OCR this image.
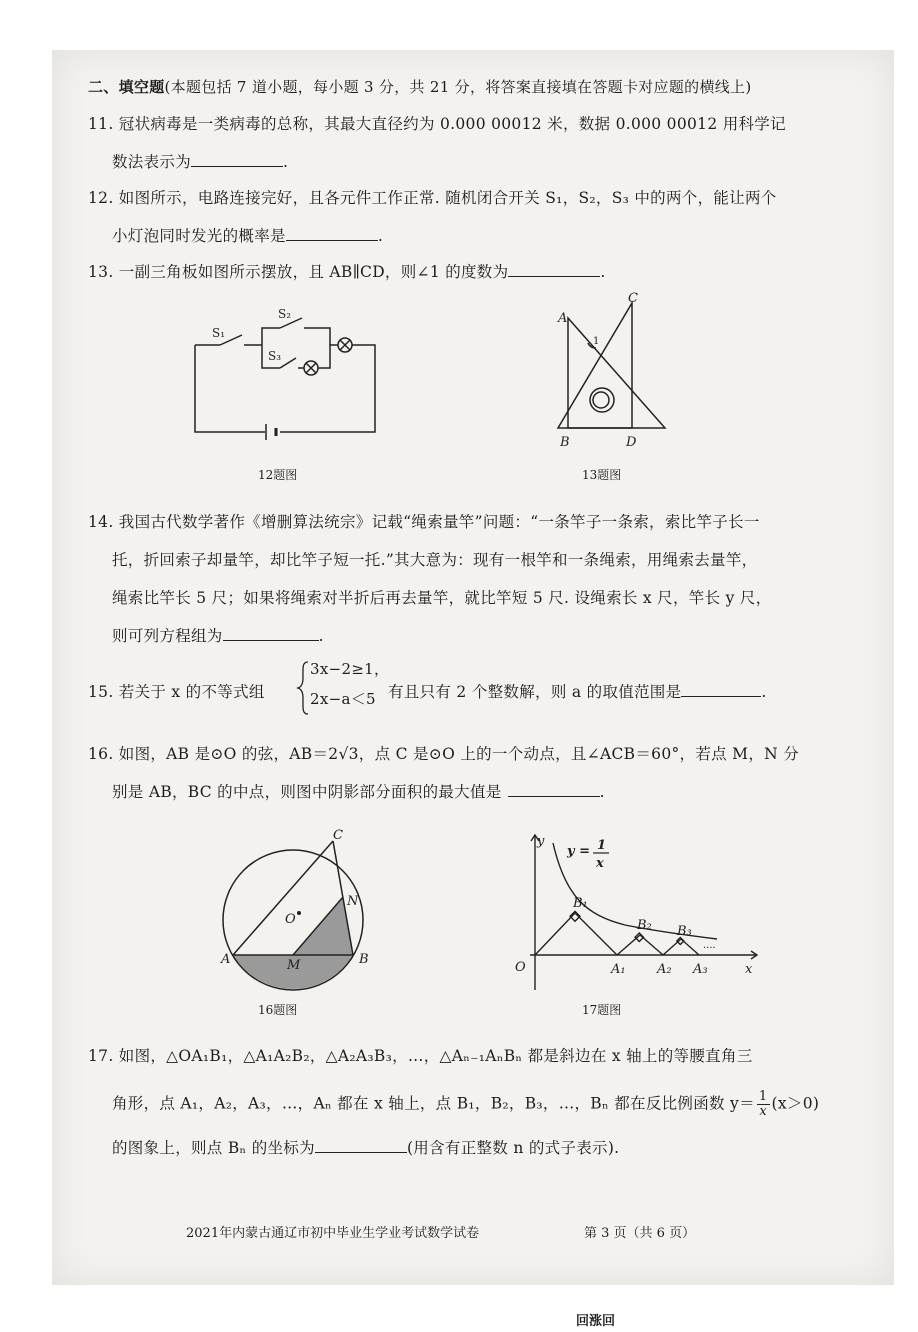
二、填空题(本题包括 7 道小题，每小题 3 分，共 21 分，将答案直接填在答题卡对应题的横线上)
11. 冠状病毒是一类病毒的总称，其最大直径约为 0.000 00012 米，数据 0.000 00012 用科学记
数法表示为	.
12. 如图所示，电路连接完好，且各元件工作正常. 随机闭合开关 S₁，S₂，S₃ 中的两个，能让两个
小灯泡同时发光的概率是	.
13. 一副三角板如图所示摆放，且 AB∥CD，则∠1 的度数为	.
S₁
S₂
S₃
12题图
A
B
C
D
1
13题图
14. 我国古代数学著作《增删算法统宗》记载“绳索量竿”问题：“一条竿子一条索，索比竿子长一
托，折回索子却量竿，却比竿子短一托.”其大意为：现有一根竿和一条绳索，用绳索去量竿，
绳索比竿长 5 尺；如果将绳索对半折后再去量竿，就比竿短 5 尺. 设绳索长 x 尺，竿长 y 尺，
则可列方程组为	.
15. 若关于 x 的不等式组
3x−2≥1，
2x−a＜5 有且只有 2 个整数解，则 a 的取值范围是	.
16. 如图，AB 是⊙O 的弦，AB＝2√3，点 C 是⊙O 上的一个动点，且∠ACB＝60°，若点 M，N 分
别是 AB，BC 的中点，则图中阴影部分面积的最大值是	.
A	B
C
M
N
O
16题图
y
x
O
y = 1
x
B₁
B₂ B₃
A₁ A₂ A₃
····
17题图
17. 如图，△OA₁B₁，△A₁A₂B₂，△A₂A₃B₃，…，△Aₙ₋₁AₙBₙ 都是斜边在 x 轴上的等腰直角三
角形，点 A₁，A₂，A₃，…，Aₙ 都在 x 轴上，点 B₁，B₂，B₃，…，Bₙ 都在反比例函数 $y= \frac{1}{x} (x>0)$
的图象上，则点 Bₙ 的坐标为	(用含有正整数 n 的式子表示).
2021年内蒙古通辽市初中毕业生学业考试数学试卷	第 3 页（共 6 页）
回涨回
